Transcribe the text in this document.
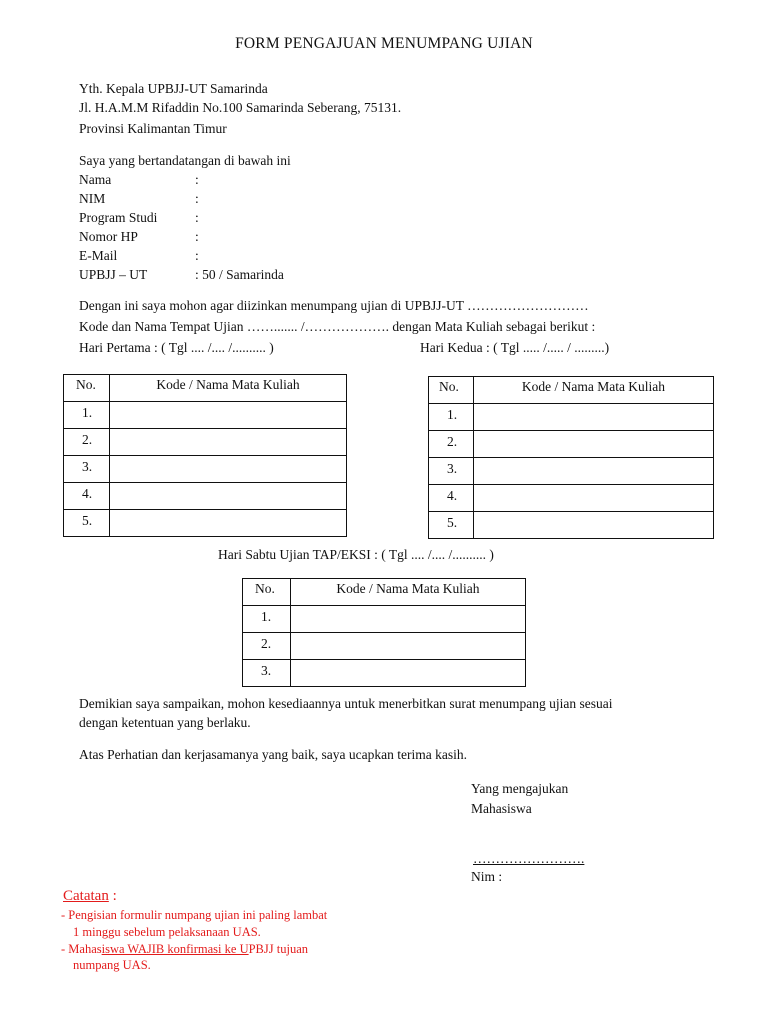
FORM PENGAJUAN MENUMPANG UJIAN
Yth. Kepala UPBJJ-UT Samarinda
Jl. H.A.M.M Rifaddin No.100 Samarinda Seberang, 75131.
Provinsi Kalimantan Timur
Saya yang bertandatangan di bawah ini
Nama	:
NIM	:
Program Studi	:
Nomor HP	:
E-Mail	:
UPBJJ – UT	: 50 / Samarinda
Dengan ini saya mohon agar diizinkan menumpang ujian di UPBJJ-UT ………………………
Kode dan Nama Tempat Ujian ……....... /………………. dengan Mata Kuliah sebagai berikut :
Hari Pertama : ( Tgl .... /.... /.......... )	Hari Kedua : ( Tgl ..... /..... / .........)
No.	Kode / Nama Mata Kuliah
1.	
2.	
3.	
4.	
5.	
No.	Kode / Nama Mata Kuliah
1.	
2.	
3.	
4.	
5.	
Hari Sabtu Ujian TAP/EKSI : ( Tgl .... /.... /.......... )
No.	Kode / Nama Mata Kuliah
1.	
2.	
3.	
Demikian saya sampaikan, mohon kesediaannya untuk menerbitkan surat menumpang ujian sesuai
dengan ketentuan yang berlaku.
Atas Perhatian dan kerjasamanya yang baik, saya ucapkan terima kasih.
Yang mengajukan
Mahasiswa
…………………….
Nim :
Catatan :
- Pengisian formulir numpang ujian ini paling lambat
1 minggu sebelum pelaksanaan UAS.
- Mahasiswa WAJIB konfirmasi ke UPBJJ tujuan
numpang UAS.
